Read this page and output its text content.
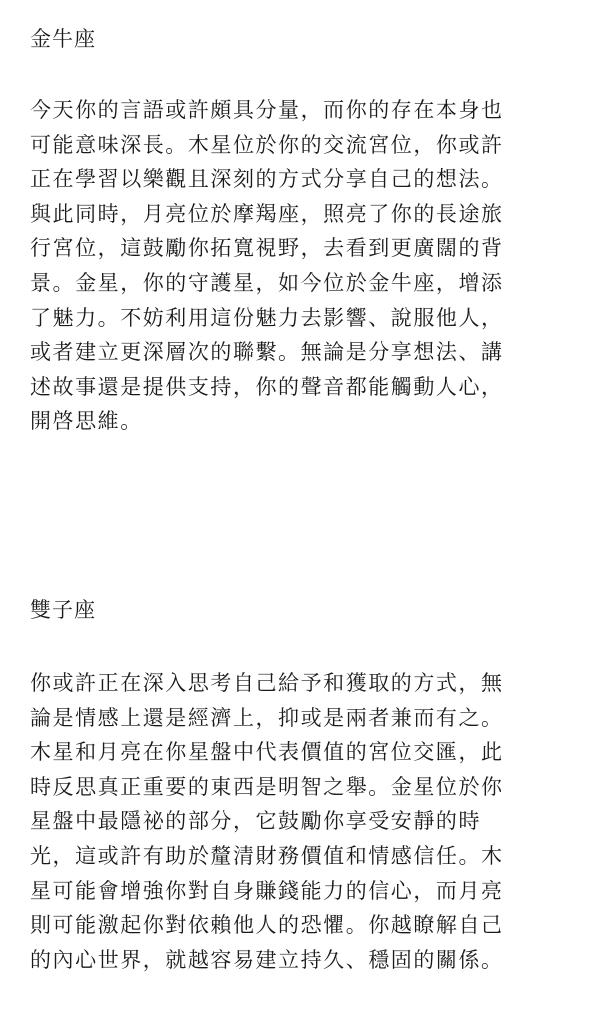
金牛座
今天你的言語或許頗具分量，而你的存在本身也
可能意味深長。木星位於你的交流宮位，你或許
正在學習以樂觀且深刻的方式分享自己的想法。
與此同時，月亮位於摩羯座，照亮了你的長途旅
行宮位，這鼓勵你拓寬視野，去看到更廣闊的背
景。金星，你的守護星，如今位於金牛座，增添
了魅力。不妨利用這份魅力去影響、說服他人，
或者建立更深層次的聯繫。無論是分享想法、講
述故事還是提供支持，你的聲音都能觸動人心，
開啓思維。
雙子座
你或許正在深入思考自己給予和獲取的方式，無
論是情感上還是經濟上，抑或是兩者兼而有之。
木星和月亮在你星盤中代表價值的宮位交匯，此
時反思真正重要的東西是明智之舉。金星位於你
星盤中最隱祕的部分，它鼓勵你享受安靜的時
光，這或許有助於釐清財務價值和情感信任。木
星可能會增強你對自身賺錢能力的信心，而月亮
則可能激起你對依賴他人的恐懼。你越瞭解自己
的內心世界，就越容易建立持久、穩固的關係。
